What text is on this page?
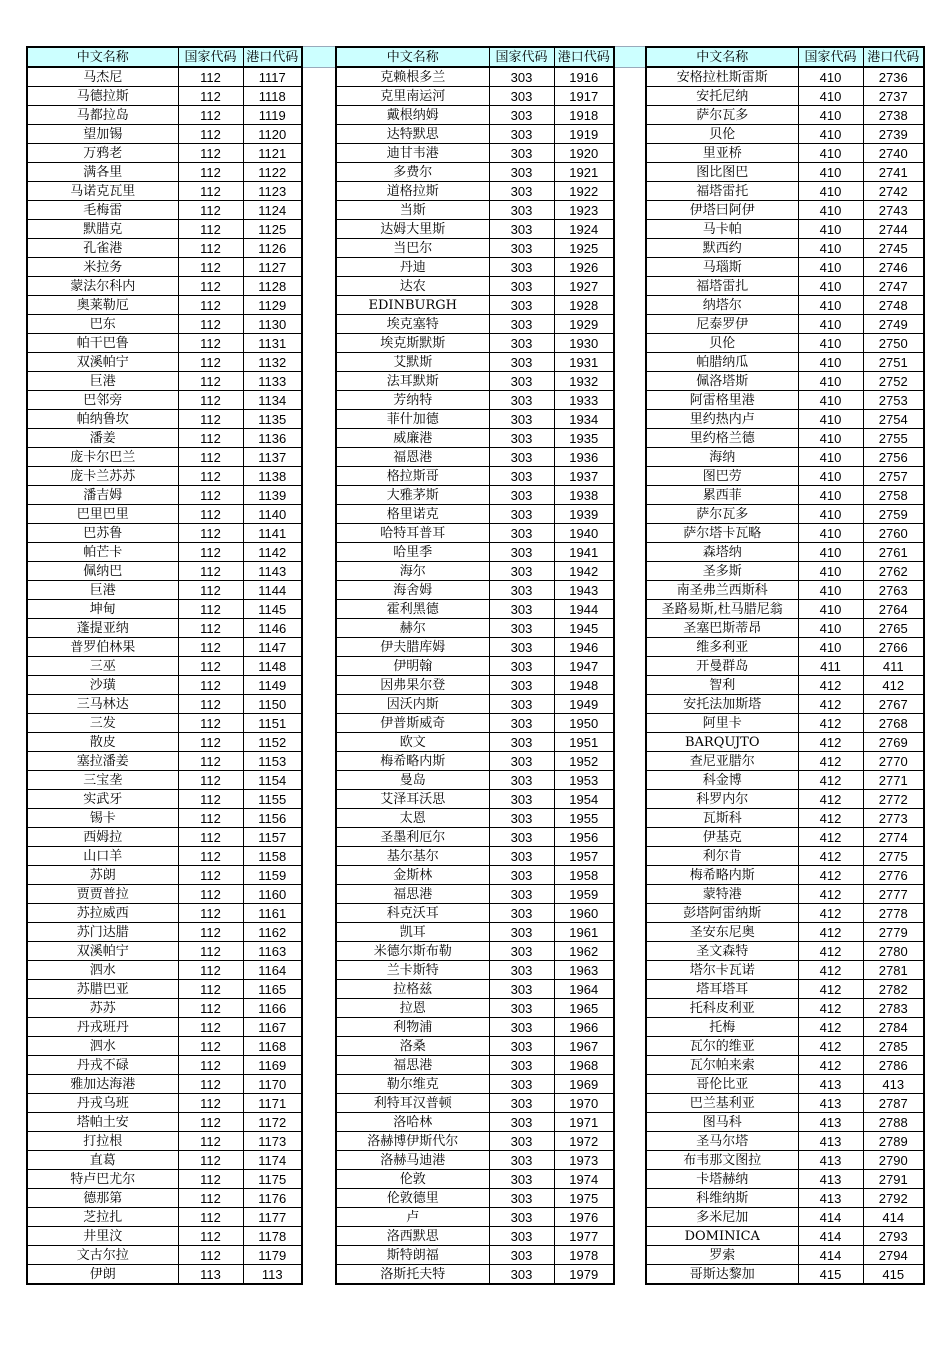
中文名称	国家代码	港口代码
马杰尼	112	1117
马德拉斯	112	1118
马都拉岛	112	1119
望加锡	112	1120
万鸦老	112	1121
满各里	112	1122
马诺克瓦里	112	1123
毛梅雷	112	1124
默腊克	112	1125
孔雀港	112	1126
米拉务	112	1127
蒙法尔科内	112	1128
奥莱勒厄	112	1129
巴东	112	1130
帕干巴鲁	112	1131
双溪帕宁	112	1132
巨港	112	1133
巴邻旁	112	1134
帕纳鲁坎	112	1135
潘姜	112	1136
庞卡尔巴兰	112	1137
庞卡兰苏苏	112	1138
潘吉姆	112	1139
巴里巴里	112	1140
巴苏鲁	112	1141
帕芒卡	112	1142
佩纳巴	112	1143
巨港	112	1144
坤甸	112	1145
蓬提亚纳	112	1146
普罗伯林果	112	1147
三巫	112	1148
沙璜	112	1149
三马林达	112	1150
三发	112	1151
散皮	112	1152
塞拉潘姜	112	1153
三宝垄	112	1154
实武牙	112	1155
锡卡	112	1156
西姆拉	112	1157
山口羊	112	1158
苏朗	112	1159
贾贾普拉	112	1160
苏拉威西	112	1161
苏门达腊	112	1162
双溪帕宁	112	1163
泗水	112	1164
苏腊巴亚	112	1165
苏苏	112	1166
丹戎班丹	112	1167
泗水	112	1168
丹戎不碌	112	1169
雅加达海港	112	1170
丹戎乌班	112	1171
塔帕土安	112	1172
打拉根	112	1173
直葛	112	1174
特卢巴尤尔	112	1175
德那第	112	1176
芝拉扎	112	1177
井里汶	112	1178
文古尔拉	112	1179
伊朗	113	113
中文名称	国家代码	港口代码
克赖根多兰	303	1916
克里南运河	303	1917
戴根纳姆	303	1918
达特默思	303	1919
迪甘韦港	303	1920
多费尔	303	1921
道格拉斯	303	1922
当斯	303	1923
达姆大里斯	303	1924
当巴尔	303	1925
丹迪	303	1926
达农	303	1927
EDINBURGH	303	1928
埃克塞特	303	1929
埃克斯默斯	303	1930
艾默斯	303	1931
法耳默斯	303	1932
芳纳特	303	1933
菲什加德	303	1934
威廉港	303	1935
福恩港	303	1936
格拉斯哥	303	1937
大雅茅斯	303	1938
格里诺克	303	1939
哈特耳普耳	303	1940
哈里季	303	1941
海尔	303	1942
海舍姆	303	1943
霍利黑德	303	1944
赫尔	303	1945
伊夫腊库姆	303	1946
伊明翰	303	1947
因弗果尔登	303	1948
因沃内斯	303	1949
伊普斯威奇	303	1950
欧文	303	1951
梅希略内斯	303	1952
曼岛	303	1953
艾泽耳沃思	303	1954
太恩	303	1955
圣墨利厄尔	303	1956
基尔基尔	303	1957
金斯林	303	1958
福思港	303	1959
科克沃耳	303	1960
凯耳	303	1961
米德尔斯布勒	303	1962
兰卡斯特	303	1963
拉格兹	303	1964
拉恩	303	1965
利物浦	303	1966
洛桑	303	1967
福思港	303	1968
勒尔维克	303	1969
利特耳汉普顿	303	1970
洛哈林	303	1971
洛赫博伊斯代尔	303	1972
洛赫马迪港	303	1973
伦敦	303	1974
伦敦德里	303	1975
卢	303	1976
洛西默思	303	1977
斯特朗福	303	1978
洛斯托夫特	303	1979
中文名称	国家代码	港口代码
安格拉杜斯雷斯	410	2736
安托尼纳	410	2737
萨尔瓦多	410	2738
贝伦	410	2739
里亚桥	410	2740
图比图巴	410	2741
福塔雷托	410	2742
伊塔曰阿伊	410	2743
马卡帕	410	2744
默西约	410	2745
马瑙斯	410	2746
福塔雷扎	410	2747
纳塔尔	410	2748
尼泰罗伊	410	2749
贝伦	410	2750
帕腊纳瓜	410	2751
佩洛塔斯	410	2752
阿雷格里港	410	2753
里约热内卢	410	2754
里约格兰德	410	2755
海纳	410	2756
图巴劳	410	2757
累西菲	410	2758
萨尔瓦多	410	2759
萨尔塔卡瓦略	410	2760
森塔纳	410	2761
圣多斯	410	2762
南圣弗兰西斯科	410	2763
圣路易斯,杜马腊尼翁	410	2764
圣塞巴斯蒂昂	410	2765
维多利亚	410	2766
开曼群岛	411	411
智利	412	412
安托法加斯塔	412	2767
阿里卡	412	2768
BARQUJTO	412	2769
查尼亚腊尔	412	2770
科金博	412	2771
科罗内尔	412	2772
瓦斯科	412	2773
伊基克	412	2774
利尔肯	412	2775
梅希略内斯	412	2776
蒙特港	412	2777
彭塔阿雷纳斯	412	2778
圣安东尼奥	412	2779
圣文森特	412	2780
塔尔卡瓦诺	412	2781
塔耳塔耳	412	2782
托科皮利亚	412	2783
托梅	412	2784
瓦尔的维亚	412	2785
瓦尔帕来索	412	2786
哥伦比亚	413	413
巴兰基利亚	413	2787
图马科	413	2788
圣马尔塔	413	2789
布韦那文图拉	413	2790
卡塔赫纳	413	2791
科维纳斯	413	2792
多米尼加	414	414
DOMINICA	414	2793
罗索	414	2794
哥斯达黎加	415	415
